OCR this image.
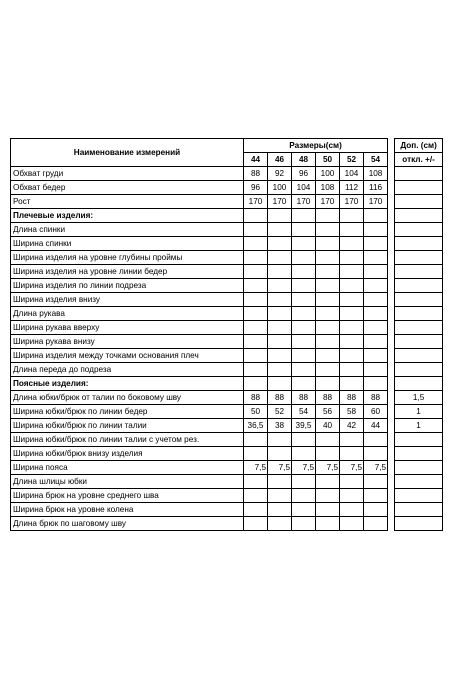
Наименование измерений	Размеры(см)							Доп. (см)
	44	46	48	50	52	54		откл. +/-
Обхват груди	88	92	96	100	104	108		
Обхват бедер	96	100	104	108	112	116		
Рост	170	170	170	170	170	170		
Плечевые изделия:								
Длина спинки								
Ширина спинки								
Ширина изделия на уровне глубины проймы								
Ширина изделия на уровне линии бедер								
Ширина изделия по линии подреза								
Ширина изделия внизу								
Длина рукава								
Ширина рукава вверху								
Ширина рукава внизу								
Ширина изделия между точками основания плеч								
Длина переда до подреза								
Поясные изделия:								
Длина юбки/брюк от талии по боковому шву	88	88	88	88	88	88		1,5
Ширина юбки/брюк по линии бедер	50	52	54	56	58	60		1
Ширина юбки/брюк по линии талии	36,5	38	39,5	40	42	44		1
Ширина юбки/брюк по линии талии с учетом рез.								
Ширина юбки/брюк внизу изделия								
Ширина пояса	7,5	7,5	7,5	7,5	7,5	7,5		
Длина шлицы юбки								
Ширина брюк на уровне среднего шва								
Ширина брюк на уровне колена								
Длина брюк по шаговому шву								
